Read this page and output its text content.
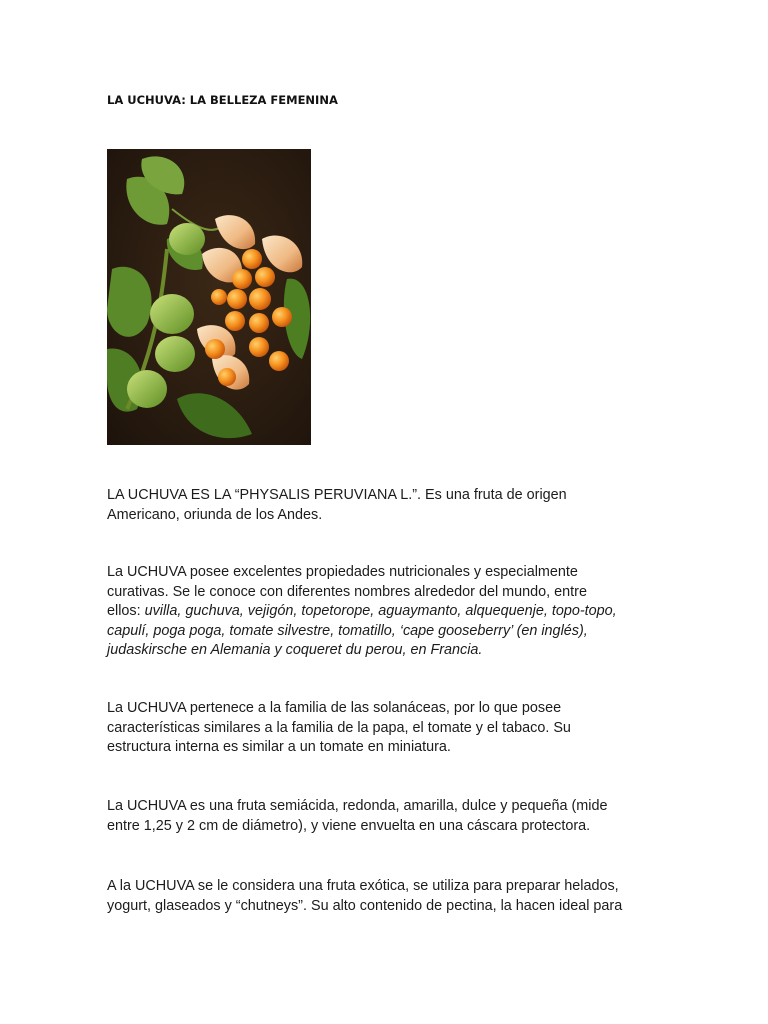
LA UCHUVA: LA BELLEZA FEMENINA
LA UCHUVA ES LA “PHYSALIS PERUVIANA L.”. Es una fruta de origen
Americano, oriunda de los Andes.
La UCHUVA posee excelentes propiedades nutricionales y especialmente
curativas. Se le conoce con diferentes nombres alrededor del mundo, entre
ellos: uvilla, guchuva, vejigón, topetorope, aguaymanto, alquequenje, topo-topo,
capulí, poga poga, tomate silvestre, tomatillo, ‘cape gooseberry’ (en inglés),
judaskirsche en Alemania y coqueret du perou, en Francia.
La UCHUVA pertenece a la familia de las solanáceas, por lo que posee
características similares a la familia de la papa, el tomate y el tabaco. Su
estructura interna es similar a un tomate en miniatura.
La UCHUVA es una fruta semiácida, redonda, amarilla, dulce y pequeña (mide
entre 1,25 y 2 cm de diámetro), y viene envuelta en una cáscara protectora.
A la UCHUVA se le considera una fruta exótica, se utiliza para preparar helados,
yogurt, glaseados y “chutneys”. Su alto contenido de pectina, la hacen ideal para
